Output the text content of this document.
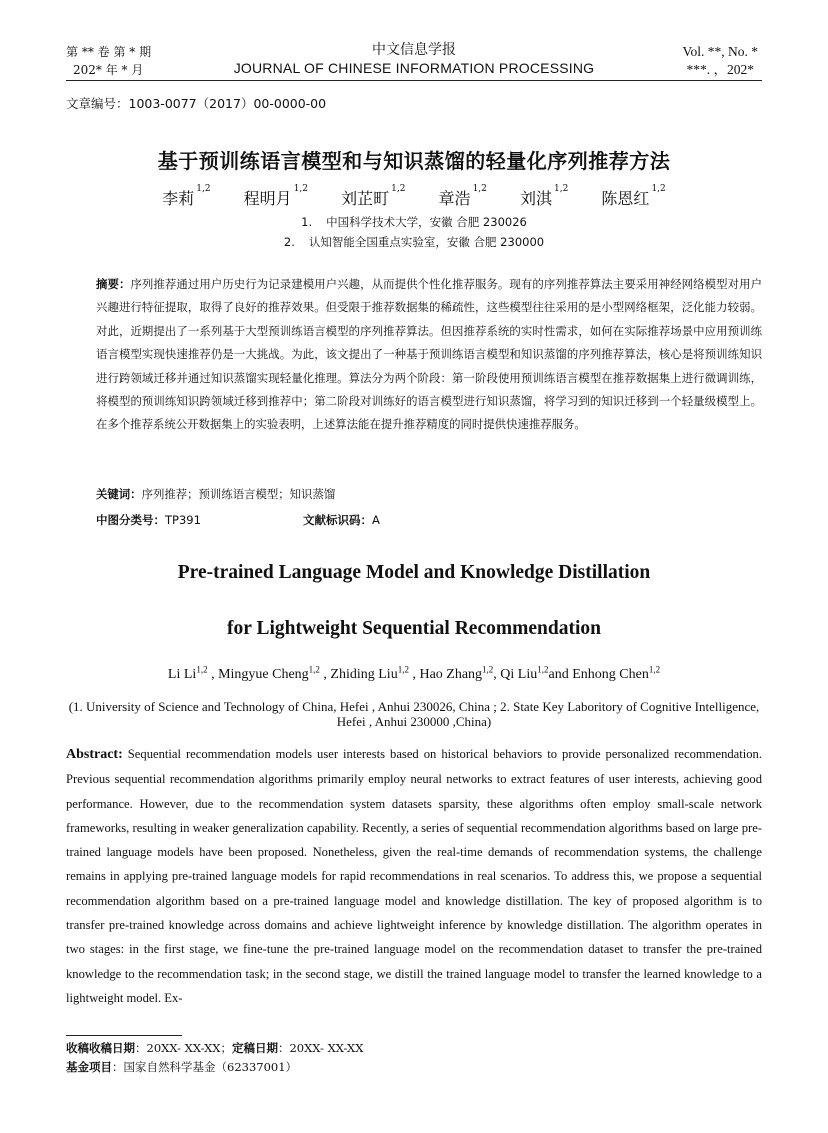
第 ** 卷 第 * 期
202* 年 * 月
中文信息学报
JOURNAL OF CHINESE INFORMATION PROCESSING
Vol. **, No. *
***. ，202*
文章编号：1003-0077（2017）00-0000-00
基于预训练语言模型和与知识蒸馏的轻量化序列推荐方法
李莉 $^{1,2}$ 程明月 $^{1,2}$ 刘芷町 $^{1,2}$ 章浩 $^{1,2}$ 刘淇 $^{1,2}$ 陈恩红 $^{1,2}$
1. 中国科学技术大学，安徽 合肥 230026
2. 认知智能全国重点实验室，安徽 合肥 230000
摘要：序列推荐通过用户历史行为记录建模用户兴趣，从而提供个性化推荐服务。现有的序列推荐算法主要采用神经网络模型对用户兴趣进行特征提取，取得了良好的推荐效果。但受限于推荐数据集的稀疏性，这些模型往往采用的是小型网络框架，泛化能力较弱。对此，近期提出了一系列基于大型预训练语言模型的序列推荐算法。但因推荐系统的实时性需求，如何在实际推荐场景中应用预训练语言模型实现快速推荐仍是一大挑战。为此，该文提出了一种基于预训练语言模型和知识蒸馏的序列推荐算法，核心是将预训练知识进行跨领域迁移并通过知识蒸馏实现轻量化推理。算法分为两个阶段：第一阶段使用预训练语言模型在推荐数据集上进行微调训练，将模型的预训练知识跨领域迁移到推荐中；第二阶段对训练好的语言模型进行知识蒸馏，将学习到的知识迁移到一个轻量级模型上。在多个推荐系统公开数据集上的实验表明，上述算法能在提升推荐精度的同时提供快速推荐服务。
关键词：序列推荐；预训练语言模型；知识蒸馏
中图分类号：TP391	文献标识码：A
Pre-trained Language Model and Knowledge Distillation
for Lightweight Sequential Recommendation
Li Li$^{1,2}$ , Mingyue Cheng$^{1,2}$ , Zhiding Liu$^{1,2}$ , Hao Zhang$^{1,2}$, Qi Liu$^{1,2}$and Enhong Chen$^{1,2}$
(1. University of Science and Technology of China, Hefei , Anhui 230026, China ; 2. State Key Laboritory of Cognitive Intelligence, Hefei , Anhui 230000 ,China)
Abstract: Sequential recommendation models user interests based on historical behaviors to provide personalized recommendation. Previous sequential recommendation algorithms primarily employ neural networks to extract features of user interests, achieving good performance. However, due to the recommendation system datasets sparsity, these algorithms often employ small-scale network frameworks, resulting in weaker generalization capability. Recently, a series of sequential recommendation algorithms based on large pre-trained language models have been proposed. Nonetheless, given the real-time demands of recommendation systems, the challenge remains in applying pre-trained language models for rapid recommendations in real scenarios. To address this, we propose a sequential recommendation algorithm based on a pre-trained language model and knowledge distillation. The key of proposed algorithm is to transfer pre-trained knowledge across domains and achieve lightweight inference by knowledge distillation. The algorithm operates in two stages: in the first stage, we fine-tune the pre-trained language model on the recommendation dataset to transfer the pre-trained knowledge to the recommendation task; in the second stage, we distill the trained language model to transfer the learned knowledge to a lightweight model. Ex-
收稿收稿日期：20XX- XX-XX；定稿日期：20XX- XX-XX
基金项目：国家自然科学基金（62337001）
